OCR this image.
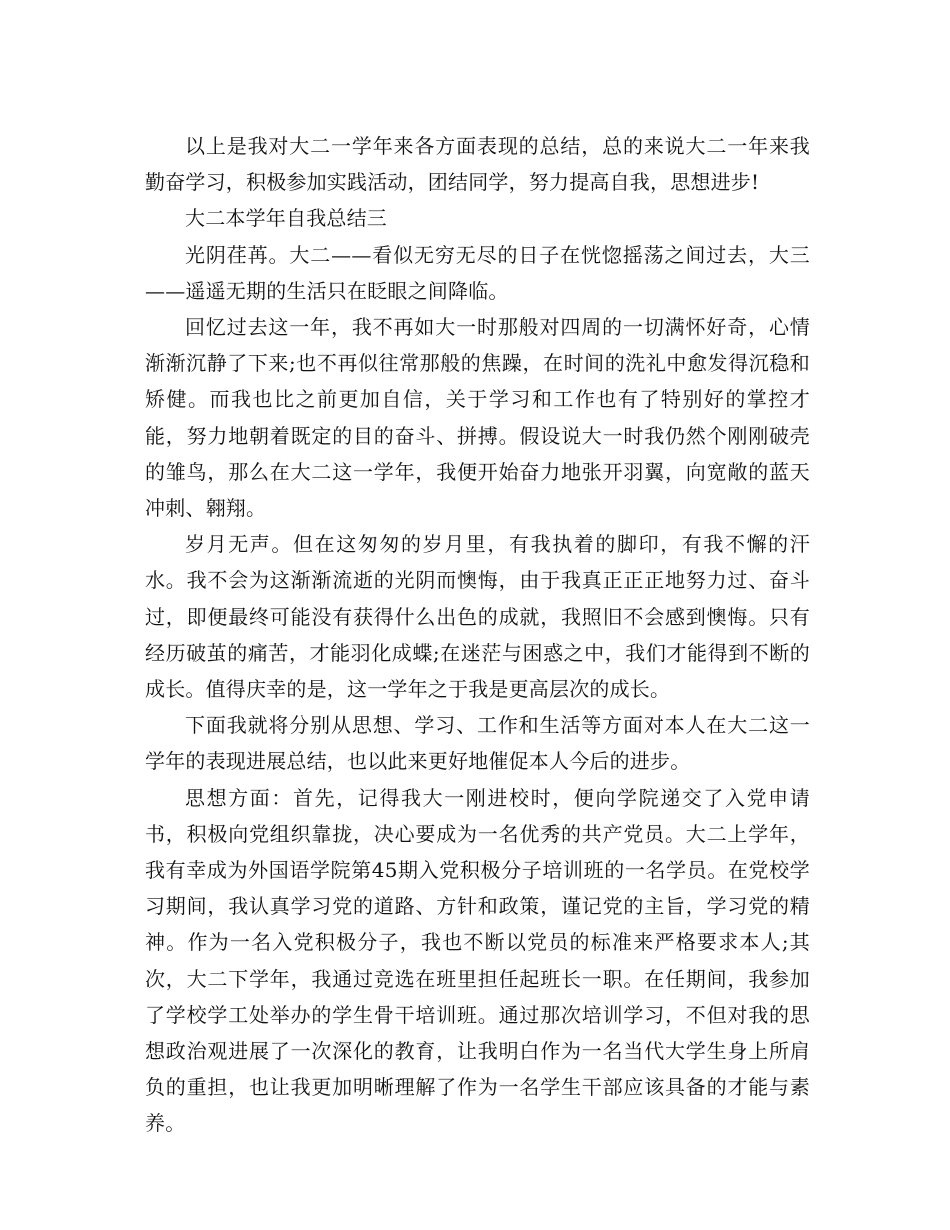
以上是我对大二一学年来各方面表现的总结，总的来说大二一年来我勤奋学习，积极参加实践活动，团结同学，努力提高自我，思想进步!

大二本学年自我总结三

光阴荏苒。大二——看似无穷无尽的日子在恍惚摇荡之间过去，大三——遥遥无期的生活只在眨眼之间降临。

回忆过去这一年，我不再如大一时那般对四周的一切满怀好奇，心情渐渐沉静了下来;也不再似往常那般的焦躁，在时间的洗礼中愈发得沉稳和矫健。而我也比之前更加自信，关于学习和工作也有了特别好的掌控才能，努力地朝着既定的目的奋斗、拼搏。假设说大一时我仍然个刚刚破壳的雏鸟，那么在大二这一学年，我便开始奋力地张开羽翼，向宽敞的蓝天冲刺、翱翔。

岁月无声。但在这匆匆的岁月里，有我执着的脚印，有我不懈的汗水。我不会为这渐渐流逝的光阴而懊悔，由于我真正正正地努力过、奋斗过，即便最终可能没有获得什么出色的成就，我照旧不会感到懊悔。只有经历破茧的痛苦，才能羽化成蝶;在迷茫与困惑之中，我们才能得到不断的成长。值得庆幸的是，这一学年之于我是更高层次的成长。

下面我就将分别从思想、学习、工作和生活等方面对本人在大二这一学年的表现进展总结，也以此来更好地催促本人今后的进步。

思想方面：首先，记得我大一刚进校时，便向学院递交了入党申请书，积极向党组织靠拢，决心要成为一名优秀的共产党员。大二上学年，我有幸成为外国语学院第45期入党积极分子培训班的一名学员。在党校学习期间，我认真学习党的道路、方针和政策，谨记党的主旨，学习党的精神。作为一名入党积极分子，我也不断以党员的标准来严格要求本人;其次，大二下学年，我通过竞选在班里担任起班长一职。在任期间，我参加了学校学工处举办的学生骨干培训班。通过那次培训学习，不但对我的思想政治观进展了一次深化的教育，让我明白作为一名当代大学生身上所肩负的重担，也让我更加明晰理解了作为一名学生干部应该具备的才能与素养。
